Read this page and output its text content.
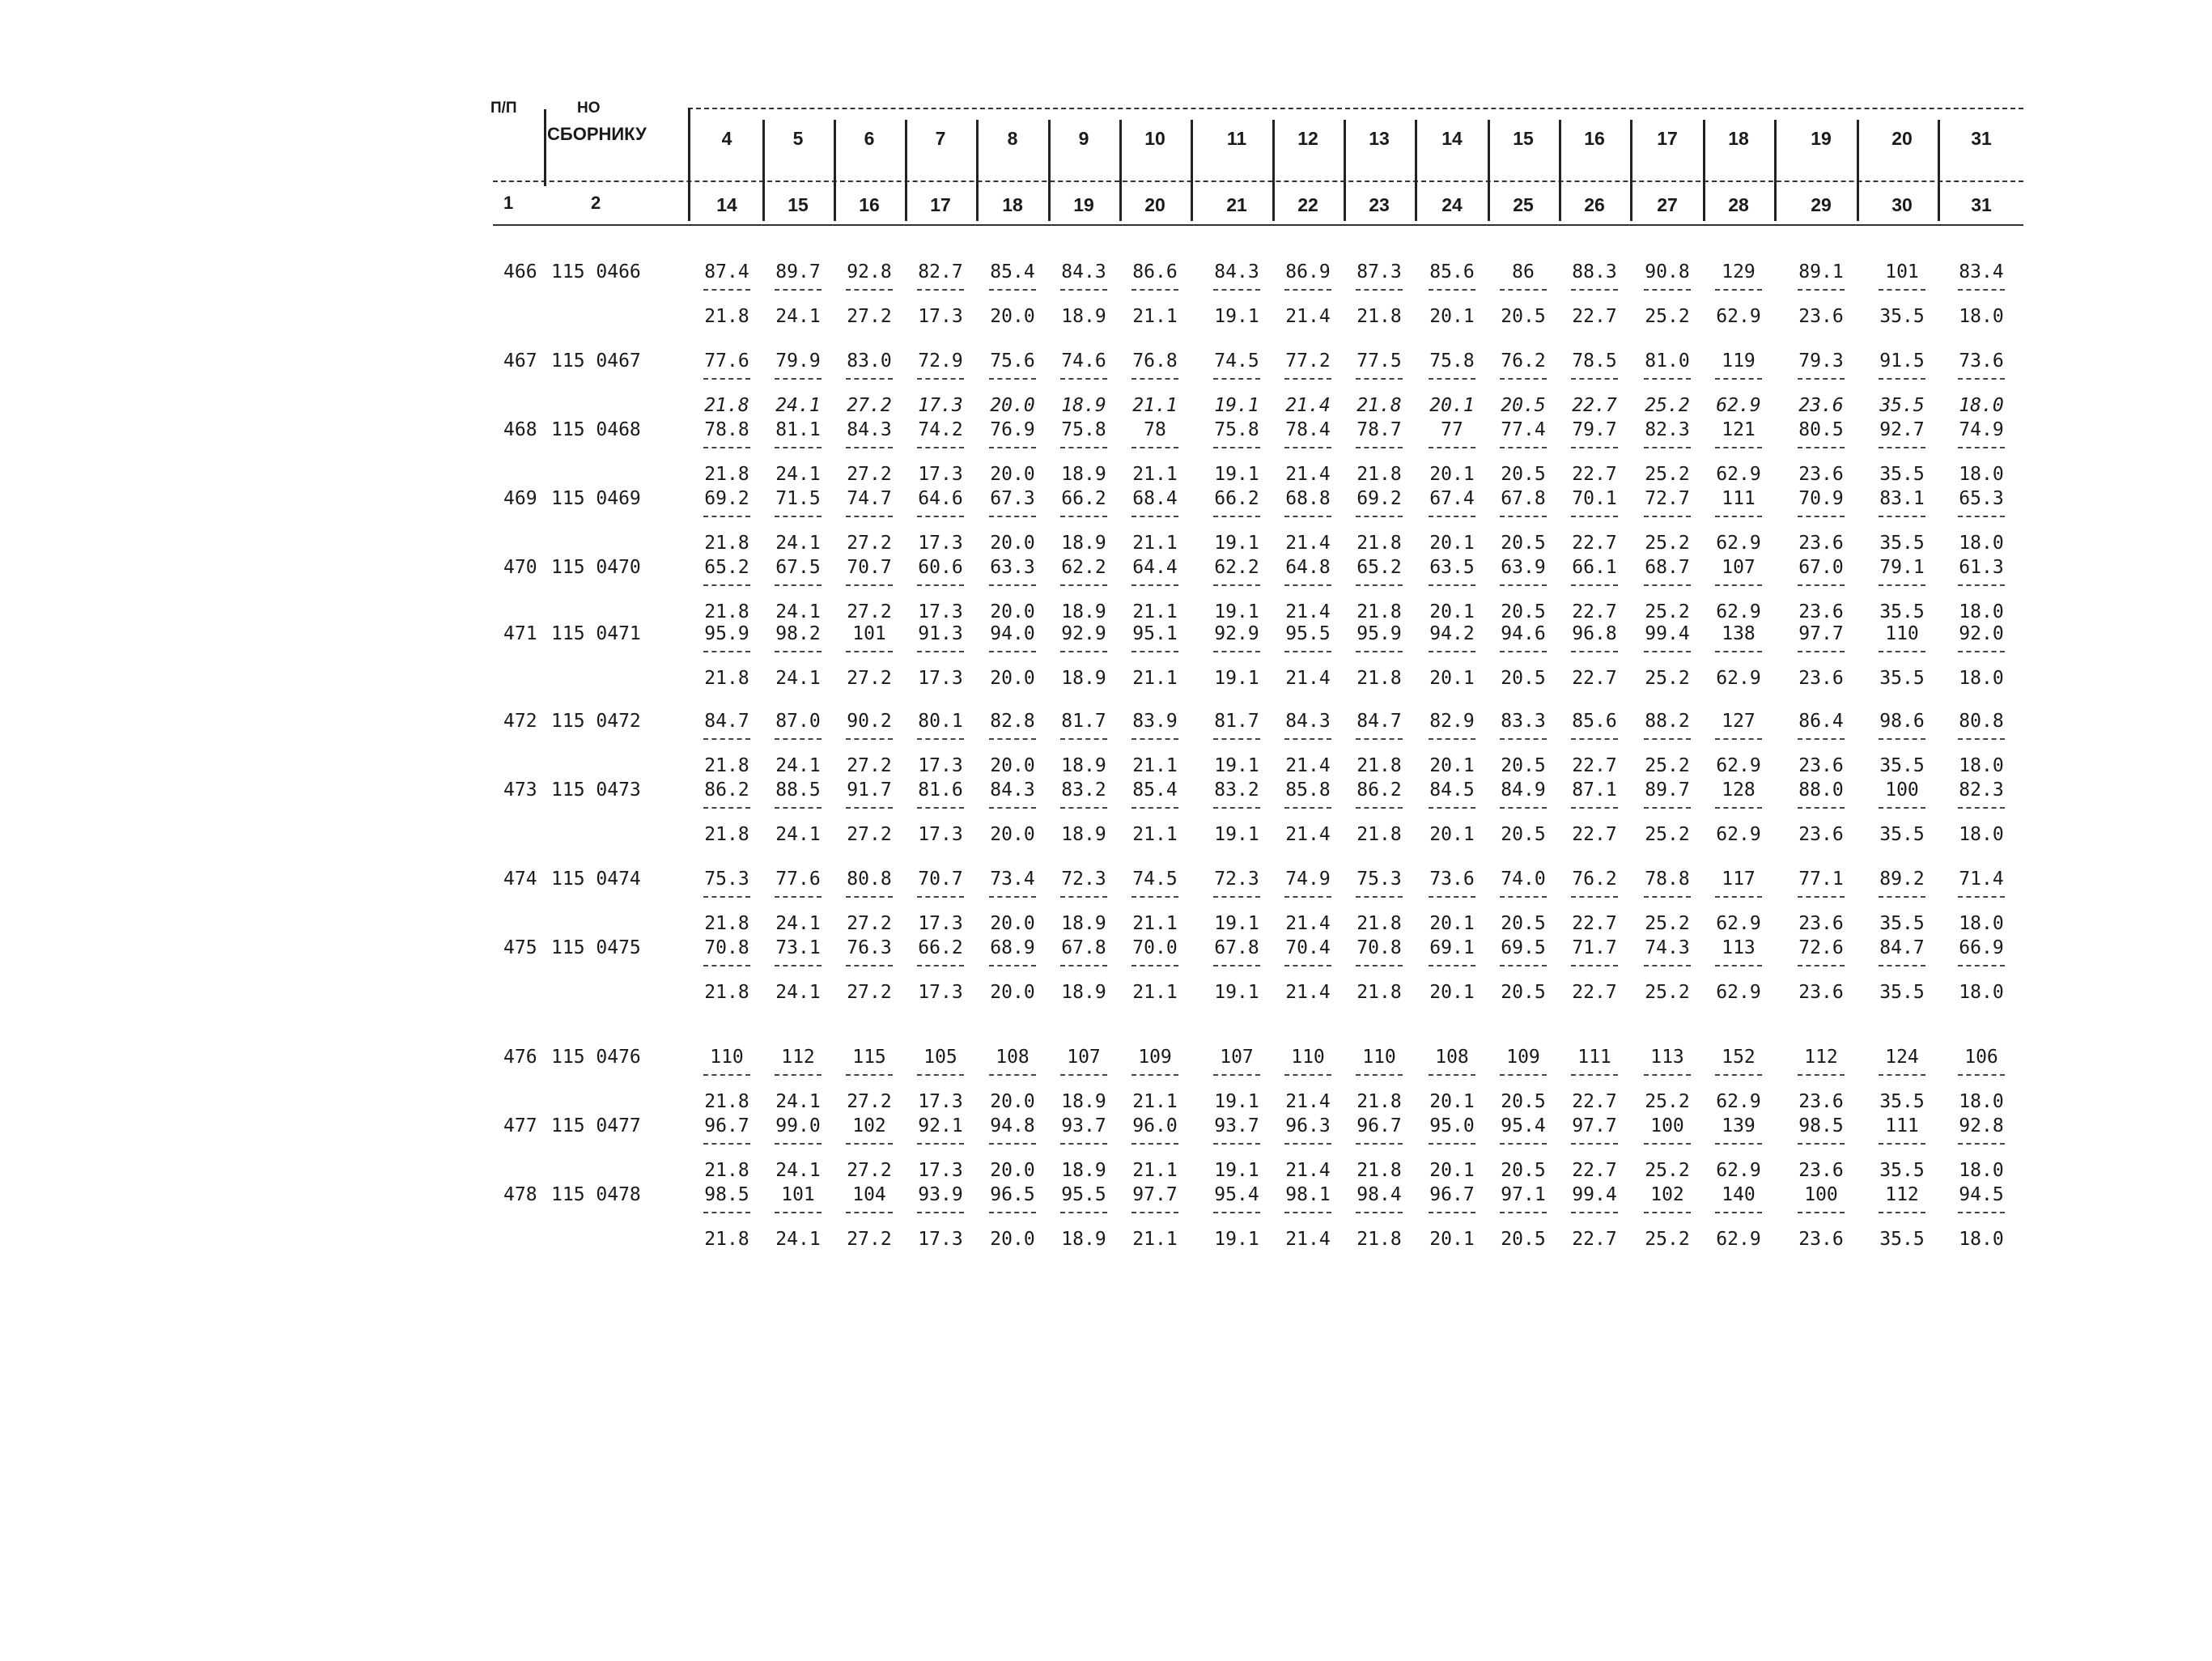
П/П	НО
СБОРНИКУ	4	5	6	7	8	9	10	11	12	13	14	15	16	17	18	19	20	31
1	2	14	15	16	17	18	19	20	21	22	23	24	25	26	27	28	29	30	31
466 115 0466	87.4	89.7	92.8	82.7	85.4	84.3	86.6	84.3	86.9	87.3	85.6	86	88.3	90.8	129	89.1	101	83.4
21.8	24.1	27.2	17.3	20.0	18.9	21.1	19.1	21.4	21.8	20.1	20.5	22.7	25.2	62.9	23.6	35.5	18.0
467 115 0467	77.6	79.9	83.0	72.9	75.6	74.6	76.8	74.5	77.2	77.5	75.8	76.2	78.5	81.0	119	79.3	91.5	73.6
21.8	24.1	27.2	17.3	20.0	18.9	21.1	19.1	21.4	21.8	20.1	20.5	22.7	25.2	62.9	23.6	35.5	18.0
468 115 0468	78.8	81.1	84.3	74.2	76.9	75.8	78	75.8	78.4	78.7	77	77.4	79.7	82.3	121	80.5	92.7	74.9
21.8	24.1	27.2	17.3	20.0	18.9	21.1	19.1	21.4	21.8	20.1	20.5	22.7	25.2	62.9	23.6	35.5	18.0
469 115 0469	69.2	71.5	74.7	64.6	67.3	66.2	68.4	66.2	68.8	69.2	67.4	67.8	70.1	72.7	111	70.9	83.1	65.3
21.8	24.1	27.2	17.3	20.0	18.9	21.1	19.1	21.4	21.8	20.1	20.5	22.7	25.2	62.9	23.6	35.5	18.0
470 115 0470	65.2	67.5	70.7	60.6	63.3	62.2	64.4	62.2	64.8	65.2	63.5	63.9	66.1	68.7	107	67.0	79.1	61.3
21.8	24.1	27.2	17.3	20.0	18.9	21.1	19.1	21.4	21.8	20.1	20.5	22.7	25.2	62.9	23.6	35.5	18.0
471 115 0471	95.9	98.2	101	91.3	94.0	92.9	95.1	92.9	95.5	95.9	94.2	94.6	96.8	99.4	138	97.7	110	92.0
21.8	24.1	27.2	17.3	20.0	18.9	21.1	19.1	21.4	21.8	20.1	20.5	22.7	25.2	62.9	23.6	35.5	18.0
472 115 0472	84.7	87.0	90.2	80.1	82.8	81.7	83.9	81.7	84.3	84.7	82.9	83.3	85.6	88.2	127	86.4	98.6	80.8
21.8	24.1	27.2	17.3	20.0	18.9	21.1	19.1	21.4	21.8	20.1	20.5	22.7	25.2	62.9	23.6	35.5	18.0
473 115 0473	86.2	88.5	91.7	81.6	84.3	83.2	85.4	83.2	85.8	86.2	84.5	84.9	87.1	89.7	128	88.0	100	82.3
21.8	24.1	27.2	17.3	20.0	18.9	21.1	19.1	21.4	21.8	20.1	20.5	22.7	25.2	62.9	23.6	35.5	18.0
474 115 0474	75.3	77.6	80.8	70.7	73.4	72.3	74.5	72.3	74.9	75.3	73.6	74.0	76.2	78.8	117	77.1	89.2	71.4
21.8	24.1	27.2	17.3	20.0	18.9	21.1	19.1	21.4	21.8	20.1	20.5	22.7	25.2	62.9	23.6	35.5	18.0
475 115 0475	70.8	73.1	76.3	66.2	68.9	67.8	70.0	67.8	70.4	70.8	69.1	69.5	71.7	74.3	113	72.6	84.7	66.9
21.8	24.1	27.2	17.3	20.0	18.9	21.1	19.1	21.4	21.8	20.1	20.5	22.7	25.2	62.9	23.6	35.5	18.0
476 115 0476	110	112	115	105	108	107	109	107	110	110	108	109	111	113	152	112	124	106
21.8	24.1	27.2	17.3	20.0	18.9	21.1	19.1	21.4	21.8	20.1	20.5	22.7	25.2	62.9	23.6	35.5	18.0
477 115 0477	96.7	99.0	102	92.1	94.8	93.7	96.0	93.7	96.3	96.7	95.0	95.4	97.7	100	139	98.5	111	92.8
21.8	24.1	27.2	17.3	20.0	18.9	21.1	19.1	21.4	21.8	20.1	20.5	22.7	25.2	62.9	23.6	35.5	18.0
478 115 0478	98.5	101	104	93.9	96.5	95.5	97.7	95.4	98.1	98.4	96.7	97.1	99.4	102	140	100	112	94.5
21.8	24.1	27.2	17.3	20.0	18.9	21.1	19.1	21.4	21.8	20.1	20.5	22.7	25.2	62.9	23.6	35.5	18.0
